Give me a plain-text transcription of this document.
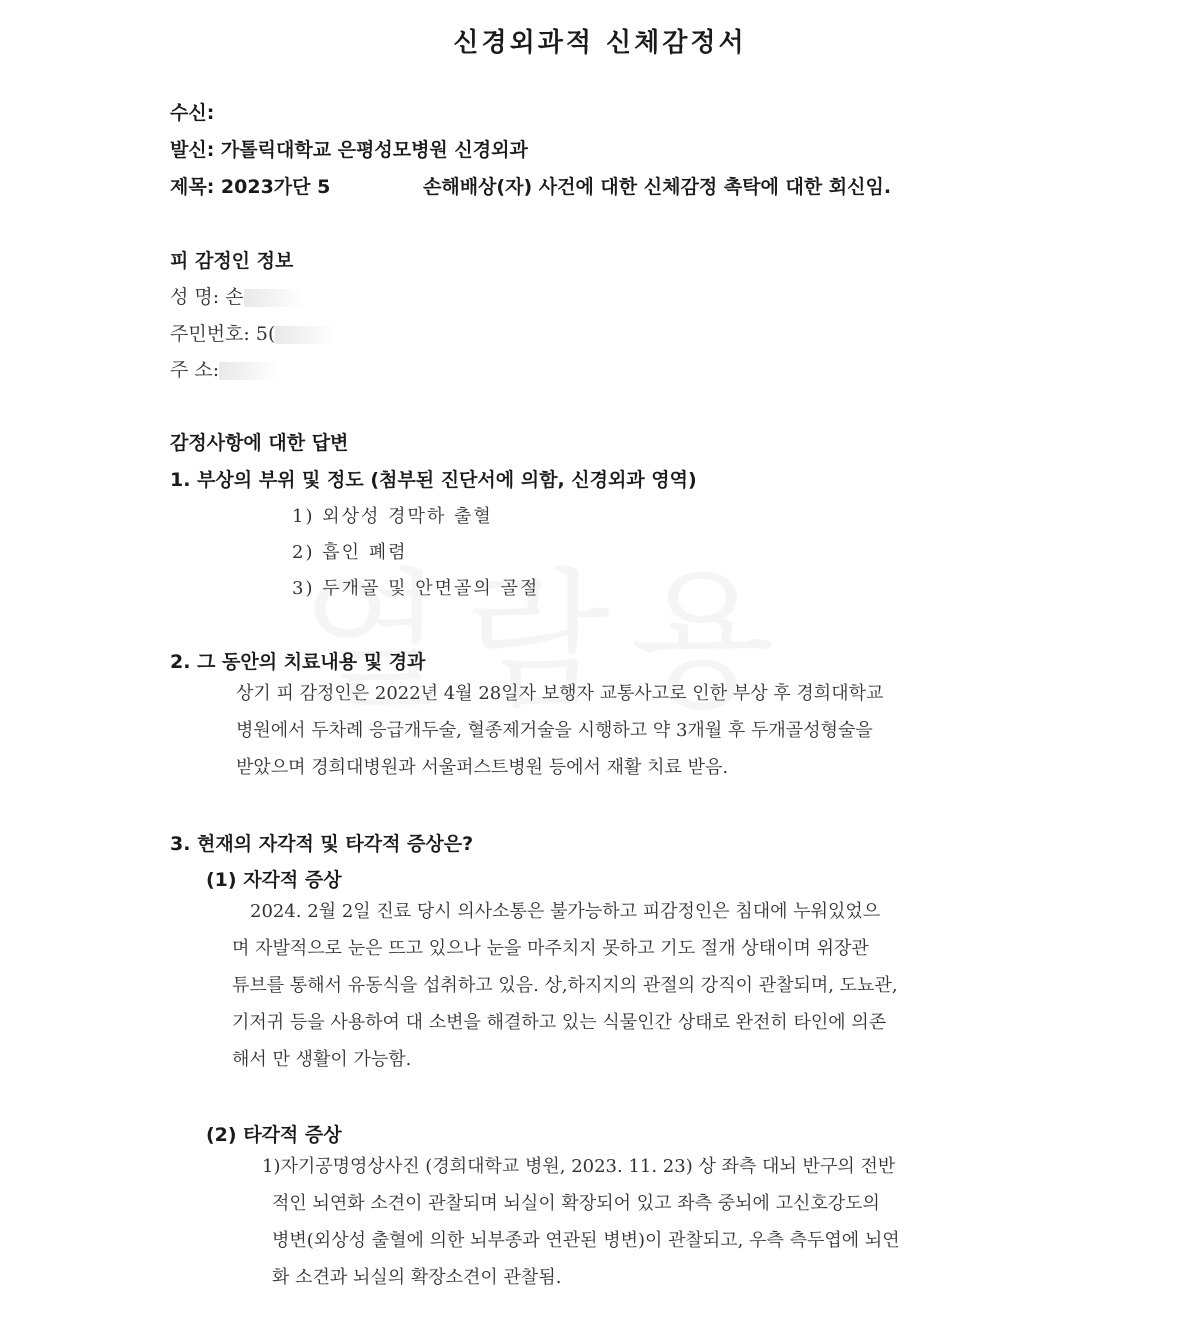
신경외과적 신체감정서
수신:
발신: 가톨릭대학교 은평성모병원 신경외과
제목: 2023가단 5	손해배상(자) 사건에 대한 신체감정 촉탁에 대한 회신임.
피 감정인 정보
성 명: 손
주민번호: 5(
주 소:
감정사항에 대한 답변
1. 부상의 부위 및 정도 (첨부된 진단서에 의함, 신경외과 영역)
1) 외상성 경막하 출혈
2) 흡인 폐렴
3) 두개골 및 안면골의 골절
2. 그 동안의 치료내용 및 경과
상기 피 감정인은 2022년 4월 28일자 보행자 교통사고로 인한 부상 후 경희대학교
병원에서 두차례 응급개두술, 혈종제거술을 시행하고 약 3개월 후 두개골성형술을
받았으며 경희대병원과 서울퍼스트병원 등에서 재활 치료 받음.
3. 현재의 자각적 및 타각적 증상은?
(1) 자각적 증상
2024. 2월 2일 진료 당시 의사소통은 불가능하고 피감정인은 침대에 누워있었으
며 자발적으로 눈은 뜨고 있으나 눈을 마주치지 못하고 기도 절개 상태이며 위장관
튜브를 통해서 유동식을 섭취하고 있음. 상,하지지의 관절의 강직이 관찰되며, 도뇨관,
기저귀 등을 사용하여 대 소변을 해결하고 있는 식물인간 상태로 완전히 타인에 의존
해서 만 생활이 가능함.
(2) 타각적 증상
1)자기공명영상사진 (경희대학교 병원, 2023. 11. 23) 상 좌측 대뇌 반구의 전반
적인 뇌연화 소견이 관찰되며 뇌실이 확장되어 있고 좌측 중뇌에 고신호강도의
병변(외상성 출혈에 의한 뇌부종과 연관된 병변)이 관찰되고, 우측 측두엽에 뇌연
화 소견과 뇌실의 확장소견이 관찰됨.
